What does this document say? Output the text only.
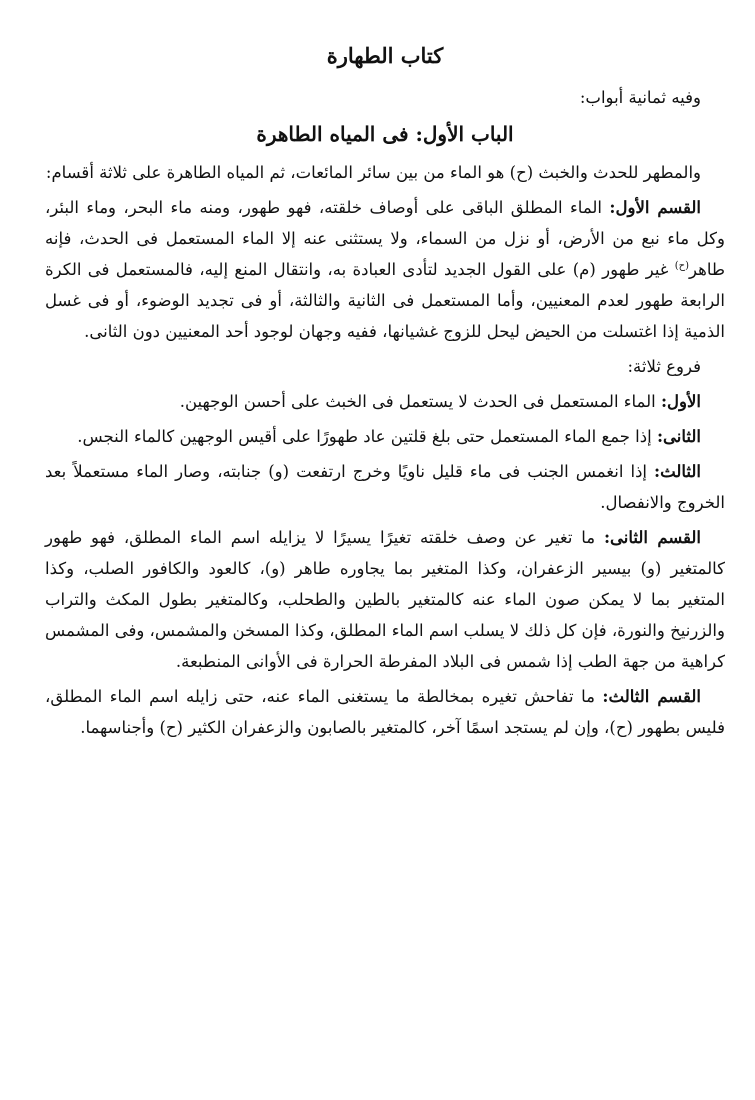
كتاب الطهارة

وفيه ثمانية أبواب:

الباب الأول: فى المياه الطاهرة

والمطهر للحدث والخبث (ح) هو الماء من بين سائر المائعات، ثم المياه الطاهرة على ثلاثة أقسام:

القسم الأول: الماء المطلق الباقى على أوصاف خلقته، فهو طهور، ومنه ماء البحر، وماء البئر، وكل ماء نبع من الأرض، أو نزل من السماء، ولا يستثنى عنه إلا الماء المستعمل فى الحدث، فإنه طاهر$^{(ح)}$ غير طهور (م) على القول الجديد لتأدى العبادة به، وانتقال المنع إليه، فالمستعمل فى الكرة الرابعة طهور لعدم المعنيين، وأما المستعمل فى الثانية والثالثة، أو فى تجديد الوضوء، أو فى غسل الذمية إذا اغتسلت من الحيض ليحل للزوج غشيانها، ففيه وجهان لوجود أحد المعنيين دون الثانى.

فروع ثلاثة:

الأول: الماء المستعمل فى الحدث لا يستعمل فى الخبث على أحسن الوجهين.

الثانى: إذا جمع الماء المستعمل حتى بلغ قلتين عاد طهورًا على أقيس الوجهين كالماء النجس.

الثالث: إذا انغمس الجنب فى ماء قليل ناويًا وخرج ارتفعت (و) جنابته، وصار الماء مستعملاً بعد الخروج والانفصال.

القسم الثانى: ما تغير عن وصف خلقته تغيرًا يسيرًا لا يزايله اسم الماء المطلق، فهو طهور كالمتغير (و) بيسير الزعفران، وكذا المتغير بما يجاوره طاهر (و)، كالعود والكافور الصلب، وكذا المتغير بما لا يمكن صون الماء عنه كالمتغير بالطين والطحلب، وكالمتغير بطول المكث والتراب والزرنيخ والنورة، فإن كل ذلك لا يسلب اسم الماء المطلق، وكذا المسخن والمشمس، وفى المشمس كراهية من جهة الطب إذا شمس فى البلاد المفرطة الحرارة فى الأوانى المنطبعة.

القسم الثالث: ما تفاحش تغيره بمخالطة ما يستغنى الماء عنه، حتى زايله اسم الماء المطلق، فليس بطهور (ح)، وإن لم يستجد اسمًا آخر، كالمتغير بالصابون والزعفران الكثير (ح) وأجناسهما.
